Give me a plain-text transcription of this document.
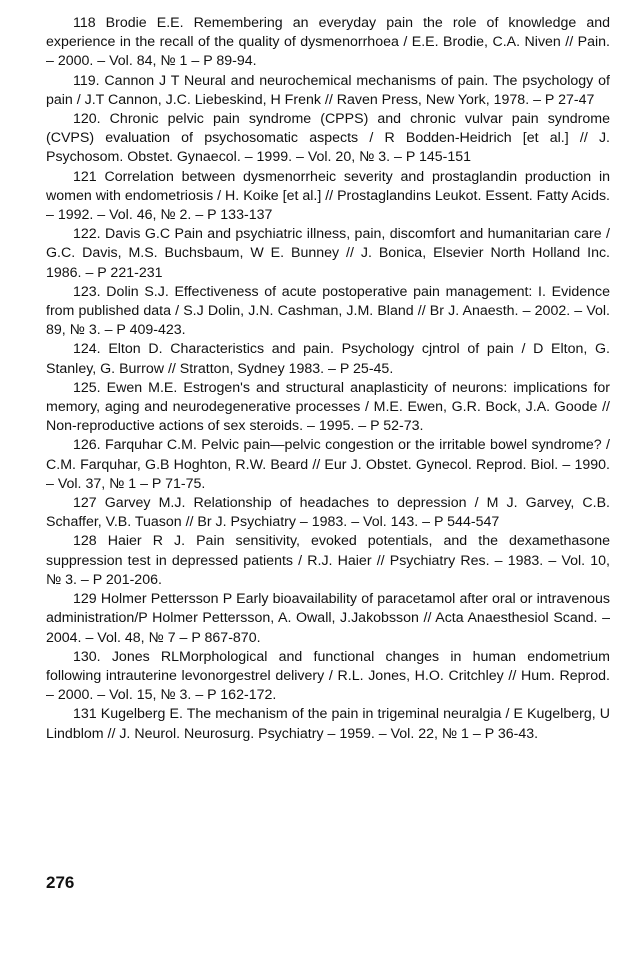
118 Brodie E.E. Remembering an everyday pain the role of knowledge and experience in the recall of the quality of dysmenorrhoea / E.E. Brodie, C.A. Niven // Pain. – 2000. – Vol. 84, № 1 – P 89-94.

119. Cannon J T Neural and neurochemical mechanisms of pain. The psychology of pain / J.T Cannon, J.C. Liebeskind, H Frenk // Raven Press, New York, 1978. – P 27-47

120. Chronic pelvic pain syndrome (CPPS) and chronic vulvar pain syndrome (CVPS) evaluation of psychosomatic aspects / R Bodden-Heidrich [et al.] // J. Psychosom. Obstet. Gynaecol. – 1999. – Vol. 20, № 3. – P 145-151

121 Correlation between dysmenorrheic severity and prostaglandin production in women with endometriosis / H. Koike [et al.] // Prostaglandins Leukot. Essent. Fatty Acids. – 1992. – Vol. 46, № 2. – P 133-137

122. Davis G.C Pain and psychiatric illness, pain, discomfort and humanitarian care / G.C. Davis, M.S. Buchsbaum, W E. Bunney // J. Bonica, Elsevier North Holland Inc. 1986. – P 221-231

123. Dolin S.J. Effectiveness of acute postoperative pain management: I. Evidence from published data / S.J Dolin, J.N. Cashman, J.M. Bland // Br J. Anaesth. – 2002. – Vol. 89, № 3. – P 409-423.

124. Elton D. Characteristics and pain. Psychology cjntrol of pain / D Elton, G. Stanley, G. Burrow // Stratton, Sydney 1983. – P 25-45.

125. Ewen M.E. Estrogen's and structural anaplasticity of neurons: implications for memory, aging and neurodegenerative processes / M.E. Ewen, G.R. Bock, J.A. Goode // Non-reproductive actions of sex steroids. – 1995. – P 52-73.

126. Farquhar C.M. Pelvic pain—pelvic congestion or the irritable bowel syndrome? / C.M. Farquhar, G.B Hoghton, R.W. Beard // Eur J. Obstet. Gynecol. Reprod. Biol. – 1990. – Vol. 37, № 1 – P 71-75.

127 Garvey M.J. Relationship of headaches to depression / M J. Garvey, C.B. Schaffer, V.B. Tuason // Br J. Psychiatry – 1983. – Vol. 143. – P 544-547

128 Haier R J. Pain sensitivity, evoked potentials, and the dexamethasone suppression test in depressed patients / R.J. Haier // Psychiatry Res. – 1983. – Vol. 10, № 3. – P 201-206.

129 Holmer Pettersson P Early bioavailability of paracetamol after oral or intravenous administration/P Holmer Pettersson, A. Owall, J.Jakobsson // Acta Anaesthesiol Scand. – 2004. – Vol. 48, № 7 – P 867-870.

130. Jones RLMorphological and functional changes in human endometrium following intrauterine levonorgestrel delivery / R.L. Jones, H.O. Critchley // Hum. Reprod. – 2000. – Vol. 15, № 3. – P 162-172.

131 Kugelberg E. The mechanism of the pain in trigeminal neuralgia / E Kugelberg, U Lindblom // J. Neurol. Neurosurg. Psychiatry – 1959. – Vol. 22, № 1 – P 36-43.

276
